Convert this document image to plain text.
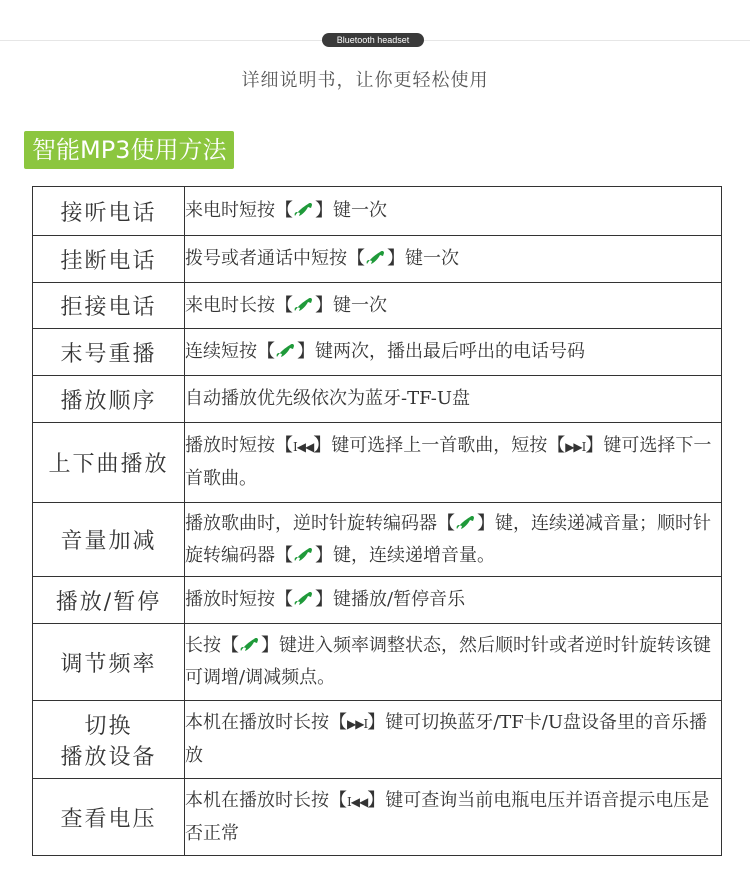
Bluetooth headset
详细说明书，让你更轻松使用
智能MP3使用方法
接听电话	来电时短按【 】键一次
挂断电话	拨号或者通话中短按【 】键一次
拒接电话	来电时长按【 】键一次
末号重播	连续短按【 】键两次，播出最后呼出的电话号码
播放顺序	自动播放优先级依次为蓝牙-TF-U盘
上下曲播放	播放时短按【I◀◀】键可选择上一首歌曲，短按【▶▶I】键可选择下一首歌曲。
音量加减	播放歌曲时，逆时针旋转编码器【 】键，连续递减音量；顺时针旋转编码器【 】键，连续递增音量。
播放/暂停	播放时短按【 】键播放/暂停音乐
调节频率	长按【 】键进入频率调整状态，然后顺时针或者逆时针旋转该键可调增/调减频点。
切换
播放设备	本机在播放时长按【▶▶I】键可切换蓝牙/TF卡/U盘设备里的音乐播放
查看电压	本机在播放时长按【I◀◀】键可查询当前电瓶电压并语音提示电压是否正常
